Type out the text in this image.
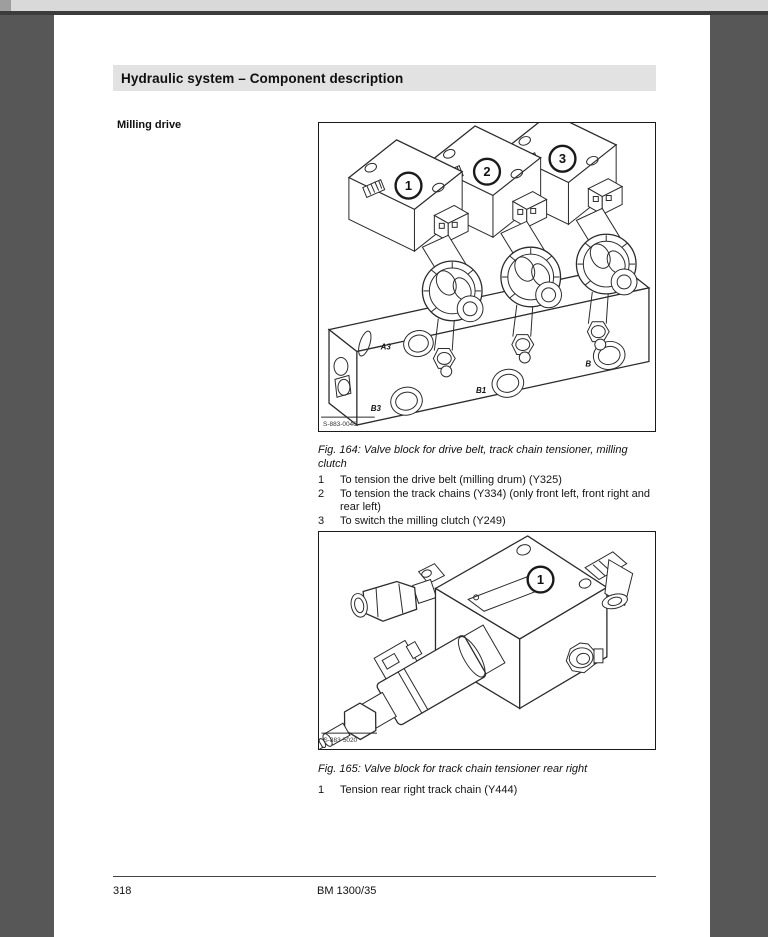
Hydraulic system – Component description
Milling drive
A3
B3
B1
B
1
2
3
S-883-0046
Fig. 164: Valve block for drive belt, track chain tensioner, milling clutch
1	To tension the drive belt (milling drum) (Y325)
2	To tension the track chains (Y334) (only front left, front right and rear left)
3	To switch the milling clutch (Y249)
1
S-883-5020
Fig. 165: Valve block for track chain tensioner rear right
1	Tension rear right track chain (Y444)
318	BM 1300/35
